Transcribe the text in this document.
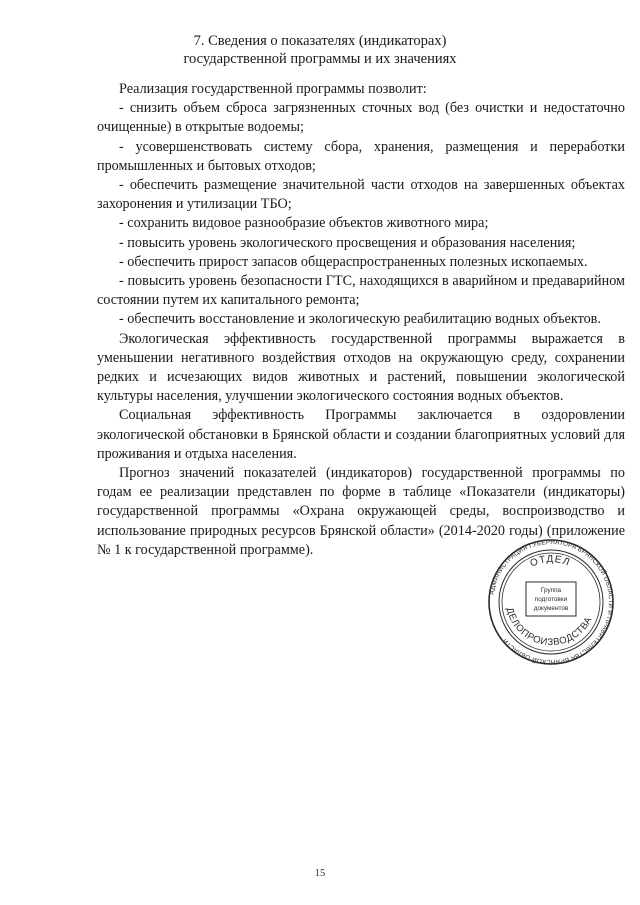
7. Сведения о показателях (индикаторах)
государственной программы и их значениях

Реализация государственной программы позволит:

- снизить объем сброса загрязненных сточных вод (без очистки и недостаточно очищенные) в открытые водоемы;

- усовершенствовать систему сбора, хранения, размещения и переработки промышленных и бытовых отходов;

- обеспечить размещение значительной части отходов на завершенных объектах захоронения и утилизации ТБО;

- сохранить видовое разнообразие объектов животного мира;

- повысить уровень экологического просвещения и образования населения;

- обеспечить прирост запасов общераспространенных полезных ископаемых.

- повысить уровень безопасности ГТС, находящихся в аварийном и предаварийном состоянии путем их капитального ремонта;

- обеспечить восстановление и экологическую реабилитацию водных объектов.

Экологическая эффективность государственной программы выражается в уменьшении негативного воздействия отходов на окружающую среду, сохранении редких и исчезающих видов животных и растений, повышении экологической культуры населения, улучшении экологического состояния водных объектов.

Социальная эффективность Программы заключается в оздоровлении экологической обстановки в Брянской области и создании благоприятных условий для проживания и отдыха населения.

Прогноз значений показателей (индикаторов) государственной программы по годам ее реализации представлен по форме в таблице «Показатели (индикаторы) государственной программы «Охрана окружающей среды, воспроизводство и использование природных ресурсов Брянской области» (2014-2020 годы) (приложение № 1 к государственной программе).

АДМИНИСТРАЦИЯ ГУБЕРНАТОРА БРЯНСКОЙ ОБЛАСТИ И ПРАВИТЕЛЬСТВА БРЯНСКОЙ ОБЛАСТИ
ОТДЕЛ
ДЕЛОПРОИЗВОДСТВА
Группа
подготовки
документов
15
